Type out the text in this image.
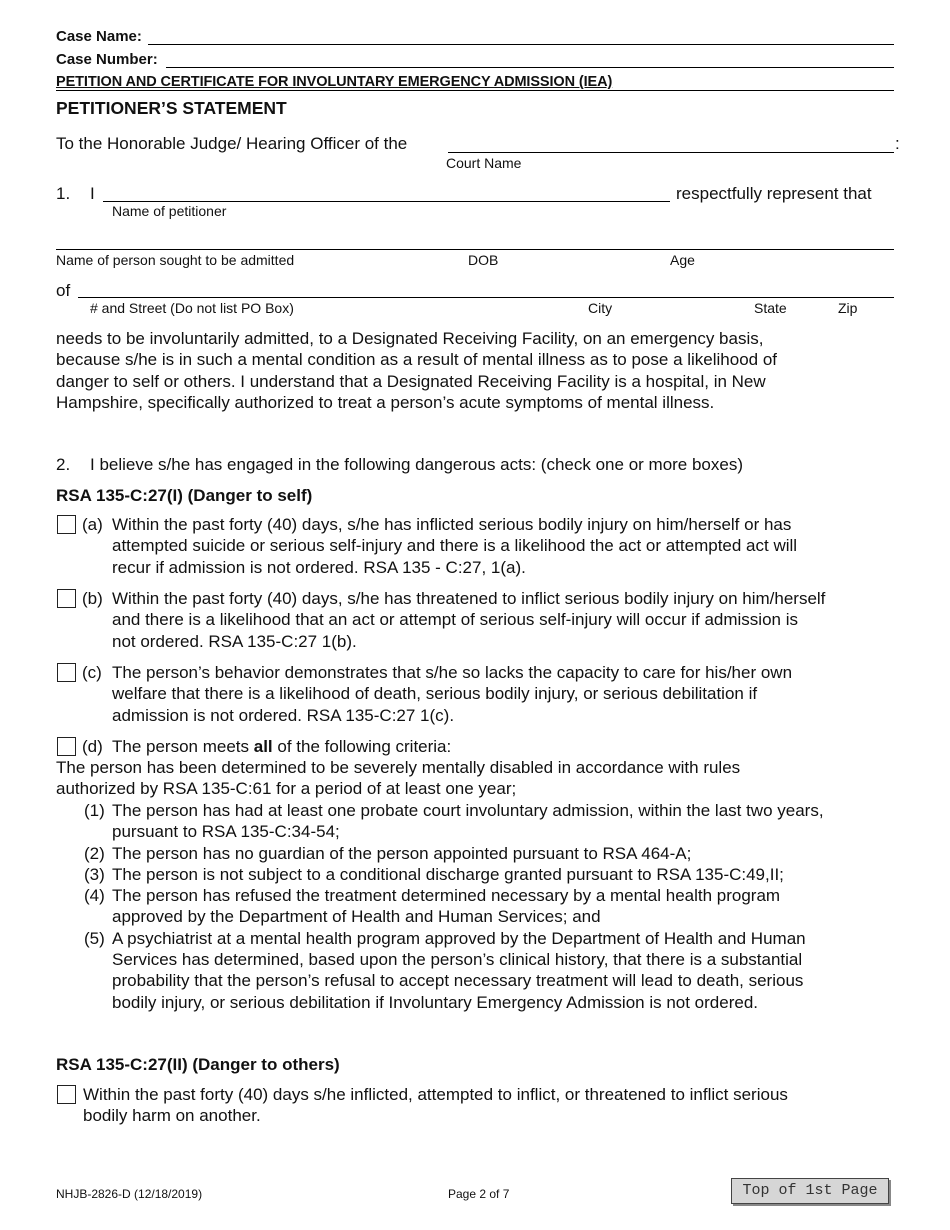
Case Name:
Case Number:
PETITION AND CERTIFICATE FOR INVOLUNTARY EMERGENCY ADMISSION (IEA)
PETITIONER’S STATEMENT
To the Honorable Judge/ Hearing Officer of the	:
Court Name
1. I	respectfully represent that
Name of petitioner
Name of person sought to be admitted	DOB	Age
of
# and Street (Do not list PO Box)	City	State	Zip
needs to be involuntarily admitted, to a Designated Receiving Facility, on an emergency basis,
because s/he is in such a mental condition as a result of mental illness as to pose a likelihood of
danger to self or others. I understand that a Designated Receiving Facility is a hospital, in New
Hampshire, specifically authorized to treat a person’s acute symptoms of mental illness.
2. I believe s/he has engaged in the following dangerous acts: (check one or more boxes)
RSA 135-C:27(I) (Danger to self)
(a) Within the past forty (40) days, s/he has inflicted serious bodily injury on him/herself or has
attempted suicide or serious self-injury and there is a likelihood the act or attempted act will
recur if admission is not ordered. RSA 135 - C:27, 1(a).
(b) Within the past forty (40) days, s/he has threatened to inflict serious bodily injury on him/herself
and there is a likelihood that an act or attempt of serious self-injury will occur if admission is
not ordered. RSA 135-C:27 1(b).
(c) The person’s behavior demonstrates that s/he so lacks the capacity to care for his/her own
welfare that there is a likelihood of death, serious bodily injury, or serious debilitation if
admission is not ordered. RSA 135-C:27 1(c).
(d) The person meets all of the following criteria:
The person has been determined to be severely mentally disabled in accordance with rules
authorized by RSA 135-C:61 for a period of at least one year;
(1) The person has had at least one probate court involuntary admission, within the last two years,
pursuant to RSA 135-C:34-54;
(2) The person has no guardian of the person appointed pursuant to RSA 464-A;
(3) The person is not subject to a conditional discharge granted pursuant to RSA 135-C:49,II;
(4) The person has refused the treatment determined necessary by a mental health program
approved by the Department of Health and Human Services; and
(5) A psychiatrist at a mental health program approved by the Department of Health and Human
Services has determined, based upon the person’s clinical history, that there is a substantial
probability that the person’s refusal to accept necessary treatment will lead to death, serious
bodily injury, or serious debilitation if Involuntary Emergency Admission is not ordered.
RSA 135-C:27(II) (Danger to others)
Within the past forty (40) days s/he inflicted, attempted to inflict, or threatened to inflict serious
bodily harm on another.
NHJB-2826-D (12/18/2019)	Page 2 of 7	Top of 1st Page
